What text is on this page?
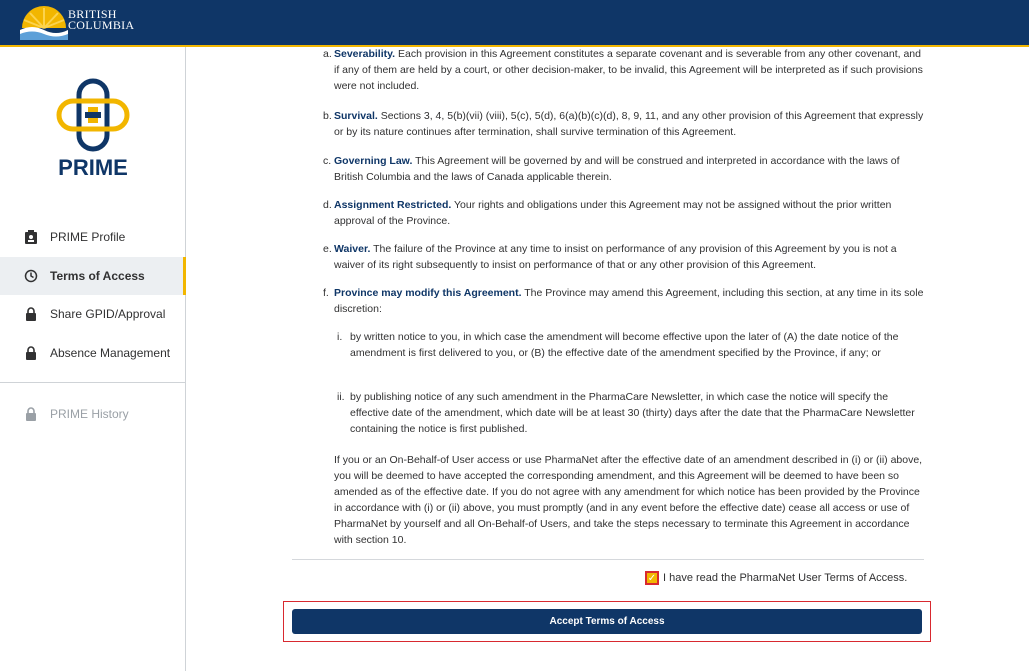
BRITISH
COLUMBIA
PRIME
PRIME Profile
Terms of Access
Share GPID/Approval
Absence Management
PRIME History
a. Severability. Each provision in this Agreement constitutes a separate covenant and is severable from any other covenant, and if any of them are held by a court, or other decision-maker, to be invalid, this Agreement will be interpreted as if such provisions were not included.
b. Survival. Sections 3, 4, 5(b)(vii) (viii), 5(c), 5(d), 6(a)(b)(c)(d), 8, 9, 11, and any other provision of this Agreement that expressly or by its nature continues after termination, shall survive termination of this Agreement.
c. Governing Law. This Agreement will be governed by and will be construed and interpreted in accordance with the laws of British Columbia and the laws of Canada applicable therein.
d. Assignment Restricted. Your rights and obligations under this Agreement may not be assigned without the prior written approval of the Province.
e. Waiver. The failure of the Province at any time to insist on performance of any provision of this Agreement by you is not a waiver of its right subsequently to insist on performance of that or any other provision of this Agreement.
f. Province may modify this Agreement. The Province may amend this Agreement, including this section, at any time in its sole discretion:
i. by written notice to you, in which case the amendment will become effective upon the later of (A) the date notice of the amendment is first delivered to you, or (B) the effective date of the amendment specified by the Province, if any; or
ii. by publishing notice of any such amendment in the PharmaCare Newsletter, in which case the notice will specify the effective date of the amendment, which date will be at least 30 (thirty) days after the date that the PharmaCare Newsletter containing the notice is first published.
If you or an On-Behalf-of User access or use PharmaNet after the effective date of an amendment described in (i) or (ii) above, you will be deemed to have accepted the corresponding amendment, and this Agreement will be deemed to have been so amended as of the effective date. If you do not agree with any amendment for which notice has been provided by the Province in accordance with (i) or (ii) above, you must promptly (and in any event before the effective date) cease all access or use of PharmaNet by yourself and all On-Behalf-of Users, and take the steps necessary to terminate this Agreement in accordance with section 10.
✓ I have read the PharmaNet User Terms of Access.
Accept Terms of Access
